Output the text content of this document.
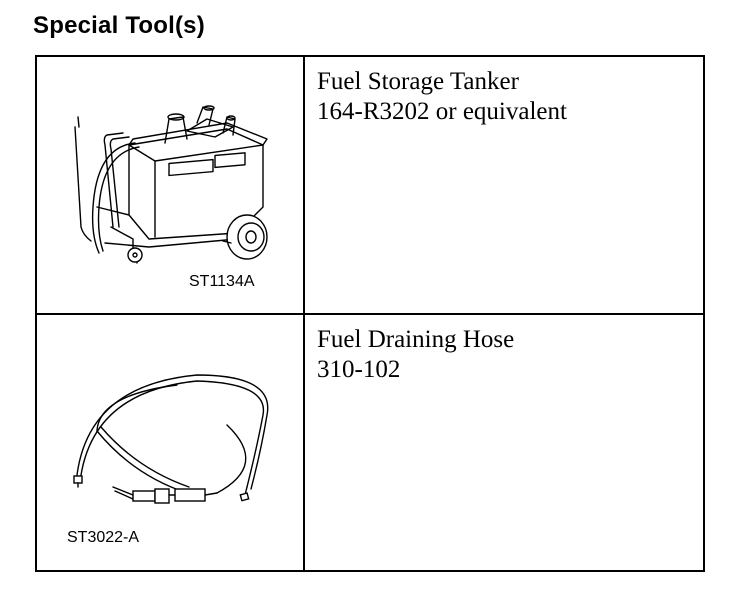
Special Tool(s)
ST1134A	Fuel Storage Tanker
164-R3202 or equivalent

ST3022-A	Fuel Draining Hose
310-102
